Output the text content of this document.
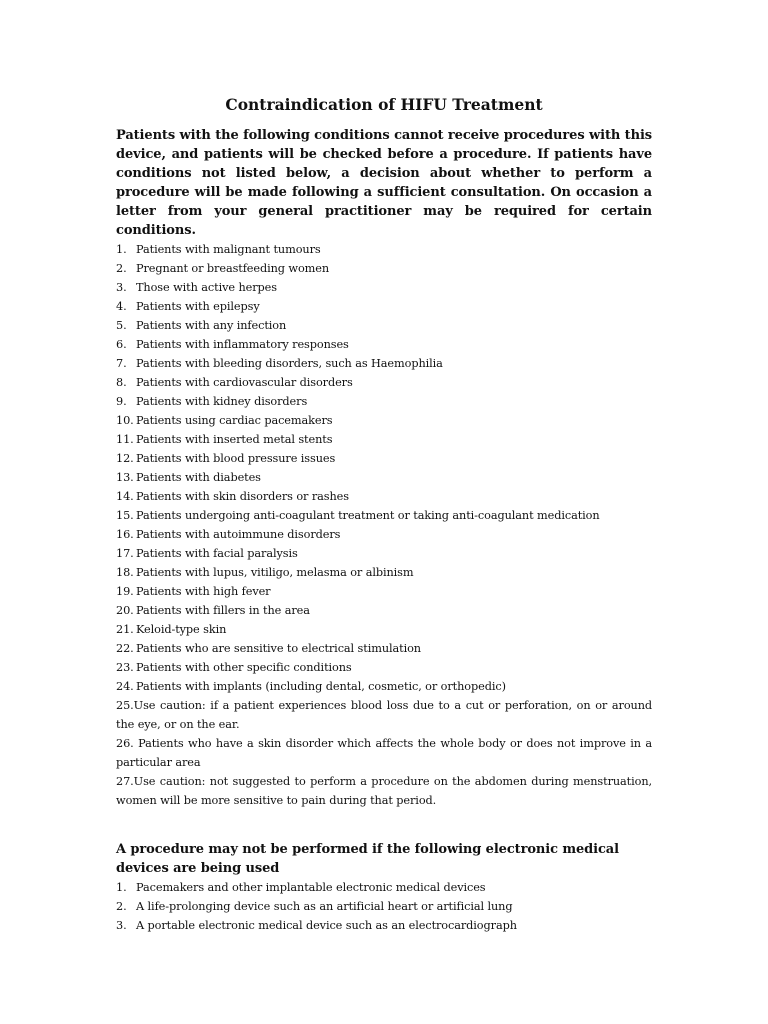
Contraindication of HIFU Treatment

Patients with the following conditions cannot receive procedures with this device, and patients will be checked before a procedure. If patients have conditions not listed below, a decision about whether to perform a procedure will be made following a sufficient consultation. On occasion a letter from your general practitioner may be required for certain conditions.

1. Patients with malignant tumours
2. Pregnant or breastfeeding women
3. Those with active herpes
4. Patients with epilepsy
5. Patients with any infection
6. Patients with inflammatory responses
7. Patients with bleeding disorders, such as Haemophilia
8. Patients with cardiovascular disorders
9. Patients with kidney disorders
10. Patients using cardiac pacemakers
11. Patients with inserted metal stents
12. Patients with blood pressure issues
13. Patients with diabetes
14. Patients with skin disorders or rashes
15. Patients undergoing anti-coagulant treatment or taking anti-coagulant medication
16. Patients with autoimmune disorders
17. Patients with facial paralysis
18. Patients with lupus, vitiligo, melasma or albinism
19. Patients with high fever
20. Patients with fillers in the area
21. Keloid-type skin
22. Patients who are sensitive to electrical stimulation
23. Patients with other specific conditions
24. Patients with implants (including dental, cosmetic, or orthopedic)
25.Use caution: if a patient experiences blood loss due to a cut or perforation, on or around the eye, or on the ear.
26. Patients who have a skin disorder which affects the whole body or does not improve in a particular area
27.Use caution: not suggested to perform a procedure on the abdomen during menstruation, women will be more sensitive to pain during that period.

A procedure may not be performed if the following electronic medical devices are being used

1. Pacemakers and other implantable electronic medical devices
2. A life-prolonging device such as an artificial heart or artificial lung
3. A portable electronic medical device such as an electrocardiograph
